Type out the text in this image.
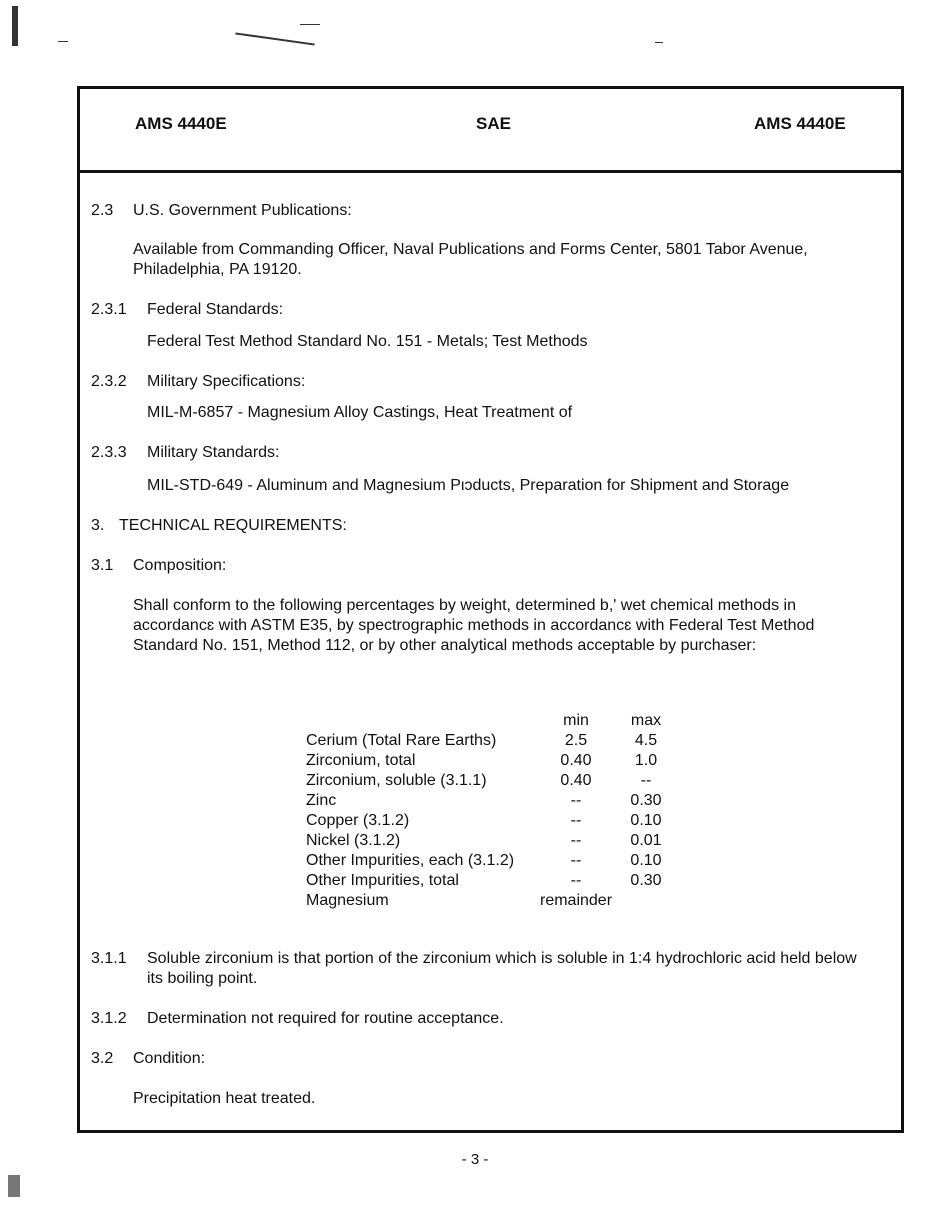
AMS 4440E	SAE	AMS 4440E
2.3 U.S. Government Publications:
Available from Commanding Officer, Naval Publications and Forms Center, 5801 Tabor Avenue, Philadelphia, PA 19120.
2.3.1 Federal Standards:
Federal Test Method Standard No. 151 - Metals; Test Methods
2.3.2 Military Specifications:
MIL-M-6857 - Magnesium Alloy Castings, Heat Treatment of
2.3.3 Military Standards:
MIL-STD-649 - Aluminum and Magnesium Pιɔducts, Preparation for Shipment and Storage
3. TECHNICAL REQUIREMENTS:
3.1 Composition:
Shall conform to the following percentages by weight, determined b,' wet chemical methods in accordancɛ with ASTM E35, by spectrographic methods in accordancɛ with Federal Test Method Standard No. 151, Method 112, or by other analytical methods acceptable by purchaser:
	min	max
Cerium (Total Rare Earths)	2.5	4.5
Zirconium, total	0.40	1.0
Zirconium, soluble (3.1.1)	0.40	--
Zinc	--	0.30
Copper (3.1.2)	--	0.10
Nickel (3.1.2)	--	0.01
Other Impurities, each (3.1.2)	--	0.10
Other Impurities, total	--	0.30
Magnesium	remainder	
3.1.1 Soluble zirconium is that portion of the zirconium which is soluble in 1:4 hydrochloric acid held below its boiling point.
3.1.2 Determination not required for routine acceptance.
3.2 Condition:
Precipitation heat treated.
- 3 -
